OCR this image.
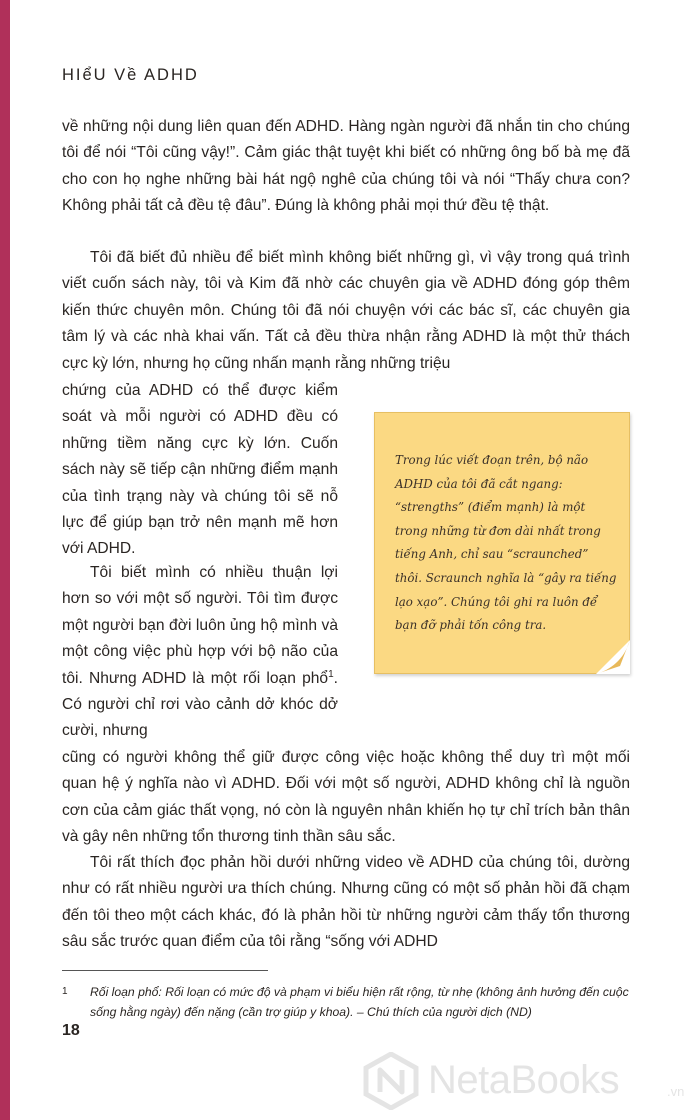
HIểU Về ADHD

về những nội dung liên quan đến ADHD. Hàng ngàn người đã nhắn tin cho chúng tôi để nói “Tôi cũng vậy!”. Cảm giác thật tuyệt khi biết có những ông bố bà mẹ đã cho con họ nghe những bài hát ngộ nghê của chúng tôi và nói “Thấy chưa con? Không phải tất cả đều tệ đâu”. Đúng là không phải mọi thứ đều tệ thật.

Tôi đã biết đủ nhiều để biết mình không biết những gì, vì vậy trong quá trình viết cuốn sách này, tôi và Kim đã nhờ các chuyên gia về ADHD đóng góp thêm kiến thức chuyên môn. Chúng tôi đã nói chuyện với các bác sĩ, các chuyên gia tâm lý và các nhà khai vấn. Tất cả đều thừa nhận rằng ADHD là một thử thách cực kỳ lớn, nhưng họ cũng nhấn mạnh rằng những triệu

chứng của ADHD có thể được kiểm soát và mỗi người có ADHD đều có những tiềm năng cực kỳ lớn. Cuốn sách này sẽ tiếp cận những điểm mạnh của tình trạng này và chúng tôi sẽ nỗ lực để giúp bạn trở nên mạnh mẽ hơn với ADHD.

Tôi biết mình có nhiều thuận lợi hơn so với một số người. Tôi tìm được một người bạn đời luôn ủng hộ mình và một công việc phù hợp với bộ não của tôi. Nhưng ADHD là một rối loạn phổ$^1$. Có người chỉ rơi vào cảnh dở khóc dở cười, nhưng

cũng có người không thể giữ được công việc hoặc không thể duy trì một mối quan hệ ý nghĩa nào vì ADHD. Đối với một số người, ADHD không chỉ là nguồn cơn của cảm giác thất vọng, nó còn là nguyên nhân khiến họ tự chỉ trích bản thân và gây nên những tổn thương tinh thần sâu sắc.

Tôi rất thích đọc phản hồi dưới những video về ADHD của chúng tôi, dường như có rất nhiều người ưa thích chúng. Nhưng cũng có một số phản hồi đã chạm đến tôi theo một cách khác, đó là phản hồi từ những người cảm thấy tổn thương sâu sắc trước quan điểm của tôi rằng “sống với ADHD

Trong lúc viết đoạn trên, bộ não ADHD của tôi đã cắt ngang: “strengths” (điểm mạnh) là một trong những từ đơn dài nhất trong tiếng Anh, chỉ sau “scraunched” thôi. Scraunch nghĩa là “gây ra tiếng lạo xạo”. Chúng tôi ghi ra luôn để bạn đỡ phải tốn công tra.

1 Rối loạn phổ: Rối loạn có mức độ và phạm vi biểu hiện rất rộng, từ nhẹ (không ảnh hưởng đến cuộc sống hằng ngày) đến nặng (cần trợ giúp y khoa). – Chú thích của người dịch (ND)
18
NetaBooks	.vn
